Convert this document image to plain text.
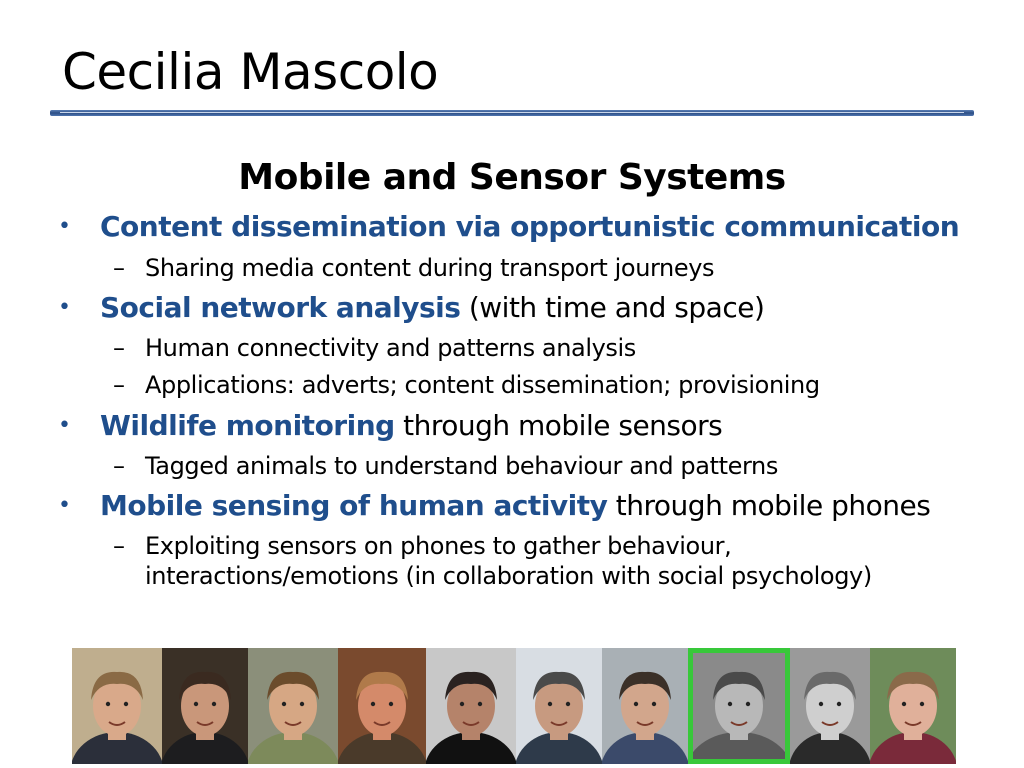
Cecilia Mascolo
Mobile and Sensor Systems
• Content dissemination via opportunistic communication
– Sharing media content during transport journeys
• Social network analysis (with time and space)
– Human connectivity and patterns analysis
– Applications: adverts; content dissemination; provisioning
• Wildlife monitoring through mobile sensors
– Tagged animals to understand behaviour and patterns
• Mobile sensing of human activity through mobile phones
– Exploiting sensors on phones to gather behaviour,
interactions/emotions (in collaboration with social psychology)
